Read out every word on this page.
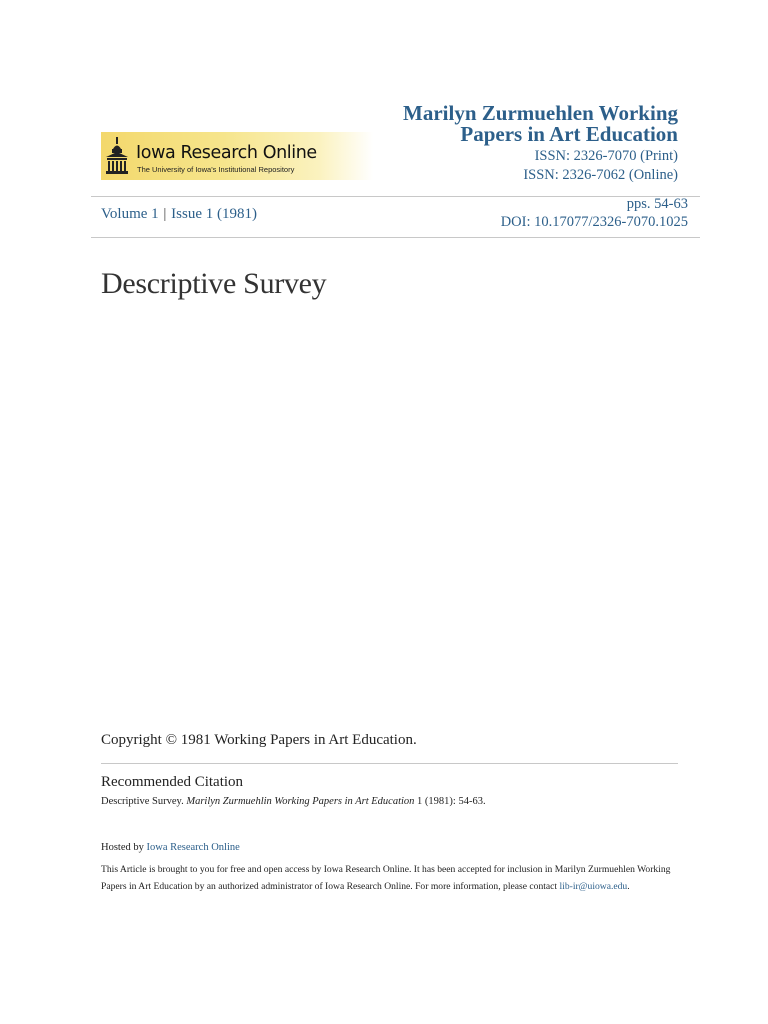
Marilyn Zurmuehlen Working Papers in Art Education
ISSN: 2326-7070 (Print)
ISSN: 2326-7062 (Online)
Iowa Research Online
The University of Iowa's Institutional Repository
Volume 1 | Issue 1 (1981)
pps. 54-63
DOI: 10.17077/2326-7070.1025
Descriptive Survey
Copyright © 1981 Working Papers in Art Education.
Recommended Citation
Descriptive Survey. Marilyn Zurmuehlin Working Papers in Art Education 1 (1981): 54-63.
Hosted by Iowa Research Online
This Article is brought to you for free and open access by Iowa Research Online. It has been accepted for inclusion in Marilyn Zurmuehlen Working Papers in Art Education by an authorized administrator of Iowa Research Online. For more information, please contact lib-ir@uiowa.edu.
